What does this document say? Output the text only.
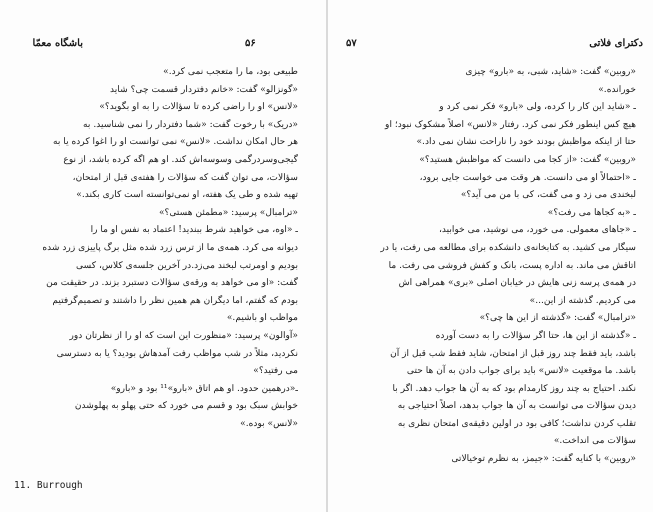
دکترای فلاتی
۵۷
«روبین» گفت: «شاید، شبی، به «بارو» چیزی
خورانده.»
ـ «شاید این کار را کرده، ولی «بارو» فکر نمی کرد و
هیچ کس اینطور فکر نمی کرد. رفتار «لانس» اصلاً مشکوک نبود؛ او
حتا از اینکه مواظبش بودند خود را ناراحت نشان نمی داد.»
«روبین» گفت: «از کجا می دانست که مواظبش هستید؟»
ـ «احتمالاً او می دانست. هر وقت می خواست جایی برود،
لبخندی می زد و می گفت، کی با من می آید؟»
ـ «به کجاها می رفت؟»
ـ «جاهای معمولی. می خورد، می نوشید، می خوابید،
سیگار می کشید. به کتابخانه‌ی دانشکده برای مطالعه می رفت، یا در
اتاقش می ماند. به اداره پست، بانک و کفش فروشی می رفت. ما
در همه‌ی پرسه زنی هایش در خیابان اصلی «بری» همراهی اش
می کردیم. گذشته از این...»
«ترامبال» گفت: «گذشته از این ها چی؟»
ـ «گذشته از این ها، حتا اگر سؤالات را به دست آورده
باشد، باید فقط چند روز قبل از امتحان، شاید فقط شب قبل از آن
باشد. ما موقعیت «لانس» باید برای جواب دادن به آن ها حتی
نکند. احتیاج به چند روز کارمدام بود که به آن ها جواب دهد. اگر با
دیدن سؤالات می توانست به آن ها جواب بدهد، اصلاً احتیاجی به
تقلب کردن نداشت؛ کافی بود در اولین دقیقه‌ی امتحان نظری به
سؤالات می انداخت.»
«روبین» با کنایه گفت: «جیمز، به نظرم توخیالاتی
باشگاه معمّا	۵۶
طبیعی بود، ما را متعجب نمی کرد.»
«گونزالو» گفت: «خانم دفتردار قسمت چی؟ شاید
«لانس» او را راضی کرده تا سؤالات را به او بگوید؟»
«دریک» با رخوت گفت: «شما دفتردار را نمی شناسید. به
هر حال امکان نداشت. «لانس» نمی توانست او را اغوا کرده یا به
گیجی‌و‌سردرگمی وسوسه‌اش کند. او هم اگه کرده باشد، از نوع
سؤالات، می توان گفت که سؤالات را هفته‌ی قبل از امتحان،
تهیه شده و طی یک هفته، او نمی‌توانسته است کاری بکند.»
«ترامبال» پرسید: «مطمئن هستی؟»
ـ «اوه، می خواهید شرط ببندید! اعتماد به نفس او ما را
دیوانه می کرد. همه‌ی ما از ترس زرد شده مثل برگ پاییزی زرد شده
بودیم و او‌مرتب لبخند می‌زد.در آخرین جلسه‌ی کلاس، کسی
گفت: «او می خواهد به ورقه‌ی سؤالات دستبرد بزند. در حقیقت من
بودم که گفتم، اما دیگران هم همین نظر را داشتند و تصمیم‌گرفتیم
مواظب او باشیم.»
«آوالون» پرسید: «منظورت این است که او را از نظرتان دور
نکردید، مثلاً در شب مواظب رفت آمدهاش بودید؟ یا به دسترسی
می رفتید؟»
ـ«درهمین حدود. او هم اتاق «بارو»¹¹ بود و «بارو»
خوابش سبک بود و قسم می خورد که حتی پهلو به پهلوشدن
«لانس» بوده.»
11. Burrough
